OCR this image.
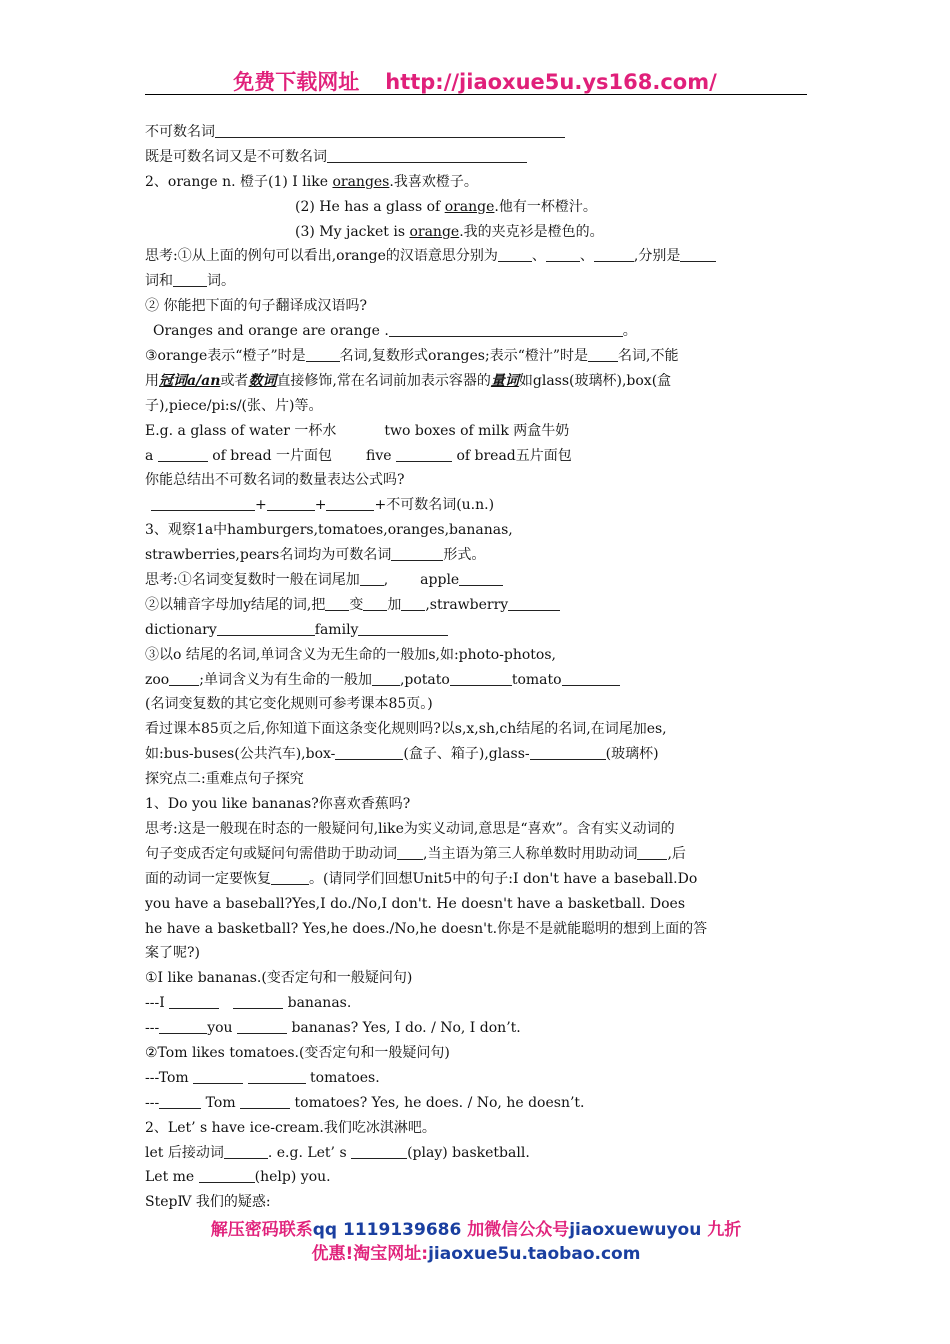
免费下载网址 http://jiaoxue5u.ys168.com/
不可数名词
既是可数名词又是不可数名词
2、orange n. 橙子(1) I like oranges.我喜欢橙子。
(2) He has a glass of orange.他有一杯橙汁。
(3) My jacket is orange.我的夹克衫是橙色的。
思考:①从上面的例句可以看出,orange的汉语意思分别为 、 、	,分别是
词和 词。
② 你能把下面的句子翻译成汉语吗?
Oranges and orange are orange .	。
③orange表示“橙子”时是 名词,复数形式oranges;表示“橙汁”时是 名词,不能
用冠词a/an或者数词直接修饰,常在名词前加表示容器的量词如glass(玻璃杯),box(盒
子),piece/pi:s/(张、片)等。
E.g. a glass of water 一杯水	two boxes of milk 两盒牛奶
a	of bread 一片面包 five	of bread五片面包
你能总结出不可数名词的数量表达公式吗?
+	+	+不可数名词(u.n.)
3、观察1a中hamburgers,tomatoes,oranges,bananas,
strawberries,pears名词均为可数名词	形式。
思考:①名词变复数时一般在词尾加 , apple
②以辅音字母加y结尾的词,把 变 加 ,strawberry
dictionary	family
③以o 结尾的名词,单词含义为无生命的一般加s,如:photo-photos,
zoo ;单词含义为有生命的一般加 ,potato	tomato
(名词变复数的其它变化规则可参考课本85页。)
看过课本85页之后,你知道下面这条变化规则吗?以s,x,sh,ch结尾的名词,在词尾加es,
如:bus-buses(公共汽车),box-	(盒子、箱子),glass-	(玻璃杯)
探究点二:重难点句子探究
1、Do you like bananas?你喜欢香蕉吗?
思考:这是一般现在时态的一般疑问句,like为实义动词,意思是“喜欢”。含有实义动词的
句子变成否定句或疑问句需借助于助动词 ,当主语为第三人称单数时用助动词 ,后
面的动词一定要恢复	。(请同学们回想Unit5中的句子:I don't have a baseball.Do
you have a baseball?Yes,I do./No,I don't. He doesn't have a basketball. Does
he have a basketball? Yes,he does./No,he doesn't.你是不是就能聪明的想到上面的答
案了呢?)
①I like bananas.(变否定句和一般疑问句)
---I	bananas.
---	you	bananas? Yes, I do. / No, I don’t.
②Tom likes tomatoes.(变否定句和一般疑问句)
---Tom	tomatoes.
---	Tom	tomatoes? Yes, he does. / No, he doesn’t.
2、Let’ s have ice-cream.我们吃冰淇淋吧。
let 后接动词	. e.g. Let’ s	(play) basketball.
Let me	(help) you.
StepⅣ 我们的疑惑:
解压密码联系qq 1119139686 加微信公众号jiaoxuewuyou 九折
优惠!淘宝网址:jiaoxue5u.taobao.com
